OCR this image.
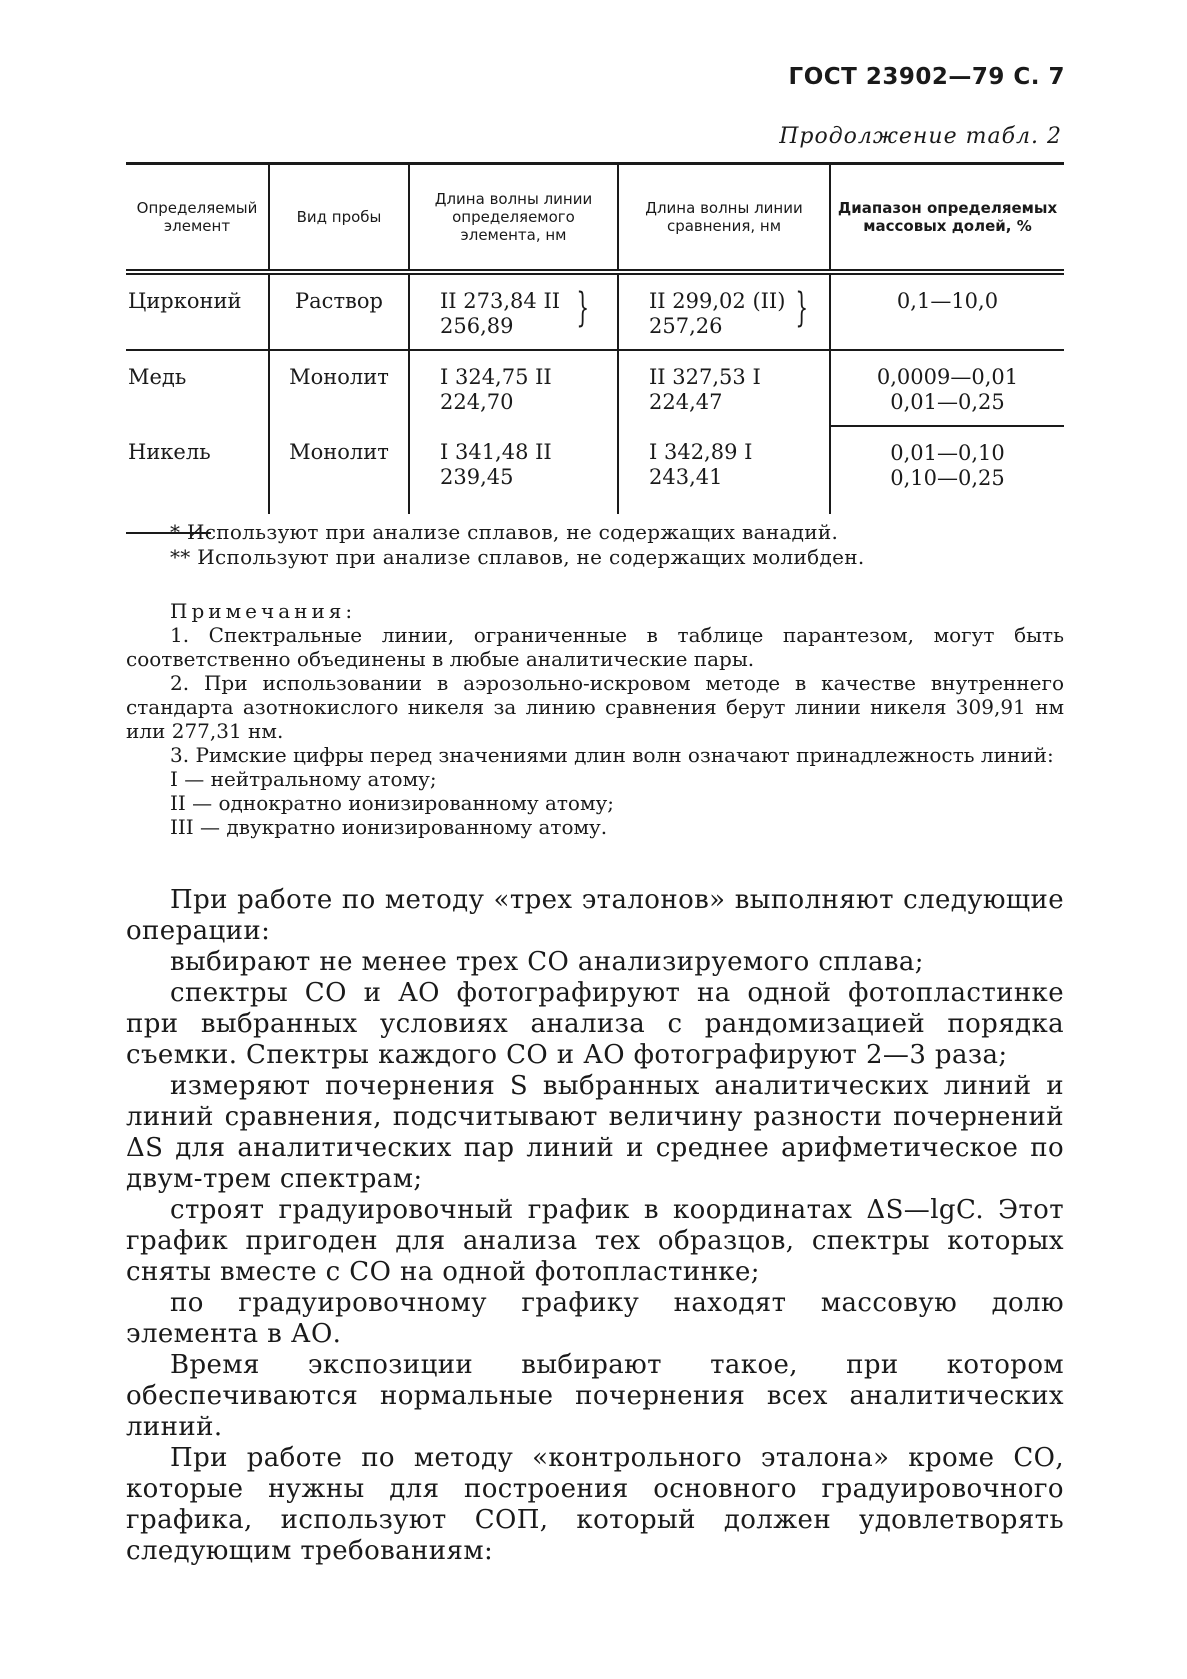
ГОСТ 23902—79 С. 7
Продолжение табл. 2
Определяемый элемент	Вид пробы	Длина волны линии определяемого элемента, нм	Длина волны линии сравнения, нм	Диапазон определяемых массовых долей, %
Цирконий	Раствор	II 273,84 II 256,89 }	II 299,02 (II) 257,26 }	0,1—10,0

Медь	Монолит	I 324,75 II 224,70	II 327,53 I 224,47	0,0009—0,01
0,01—0,25

Никель	Монолит	I 341,48 II 239,45	I 342,89 I 243,41	0,01—0,10
0,10—0,25
* Используют при анализе сплавов, не содержащих ванадий.
** Используют при анализе сплавов, не содержащих молибден.
Примечания:

1. Спектральные линии, ограниченные в таблице парантезом, могут быть соответственно объединены в любые аналитические пары.

2. При использовании в аэрозольно-искровом методе в качестве внутреннего стандарта азотнокислого никеля за линию сравнения берут линии никеля 309,91 нм или 277,31 нм.

3. Римские цифры перед значениями длин волн означают принадлежность линий:

I — нейтральному атому;
II — однократно ионизированному атому;
III — двукратно ионизированному атому.

При работе по методу «трех эталонов» выполняют следующие операции:

выбирают не менее трех СО анализируемого сплава;

спектры СО и АО фотографируют на одной фотопластинке при выбранных условиях анализа с рандомизацией порядка съемки. Спектры каждого СО и АО фотографируют 2—3 раза;

измеряют почернения S выбранных аналитических линий и линий сравнения, подсчитывают величину разности почернений ΔS для аналитических пар линий и среднее арифметическое по двум-трем спектрам;

строят градуировочный график в координатах ΔS—lgC. Этот график пригоден для анализа тех образцов, спектры которых сняты вместе с СО на одной фотопластинке;

по градуировочному графику находят массовую долю элемента в АО.

Время экспозиции выбирают такое, при котором обеспечиваются нормальные почернения всех аналитических линий.

При работе по методу «контрольного эталона» кроме СО, которые нужны для построения основного градуировочного графика, используют СОП, который должен удовлетворять следующим требованиям:
